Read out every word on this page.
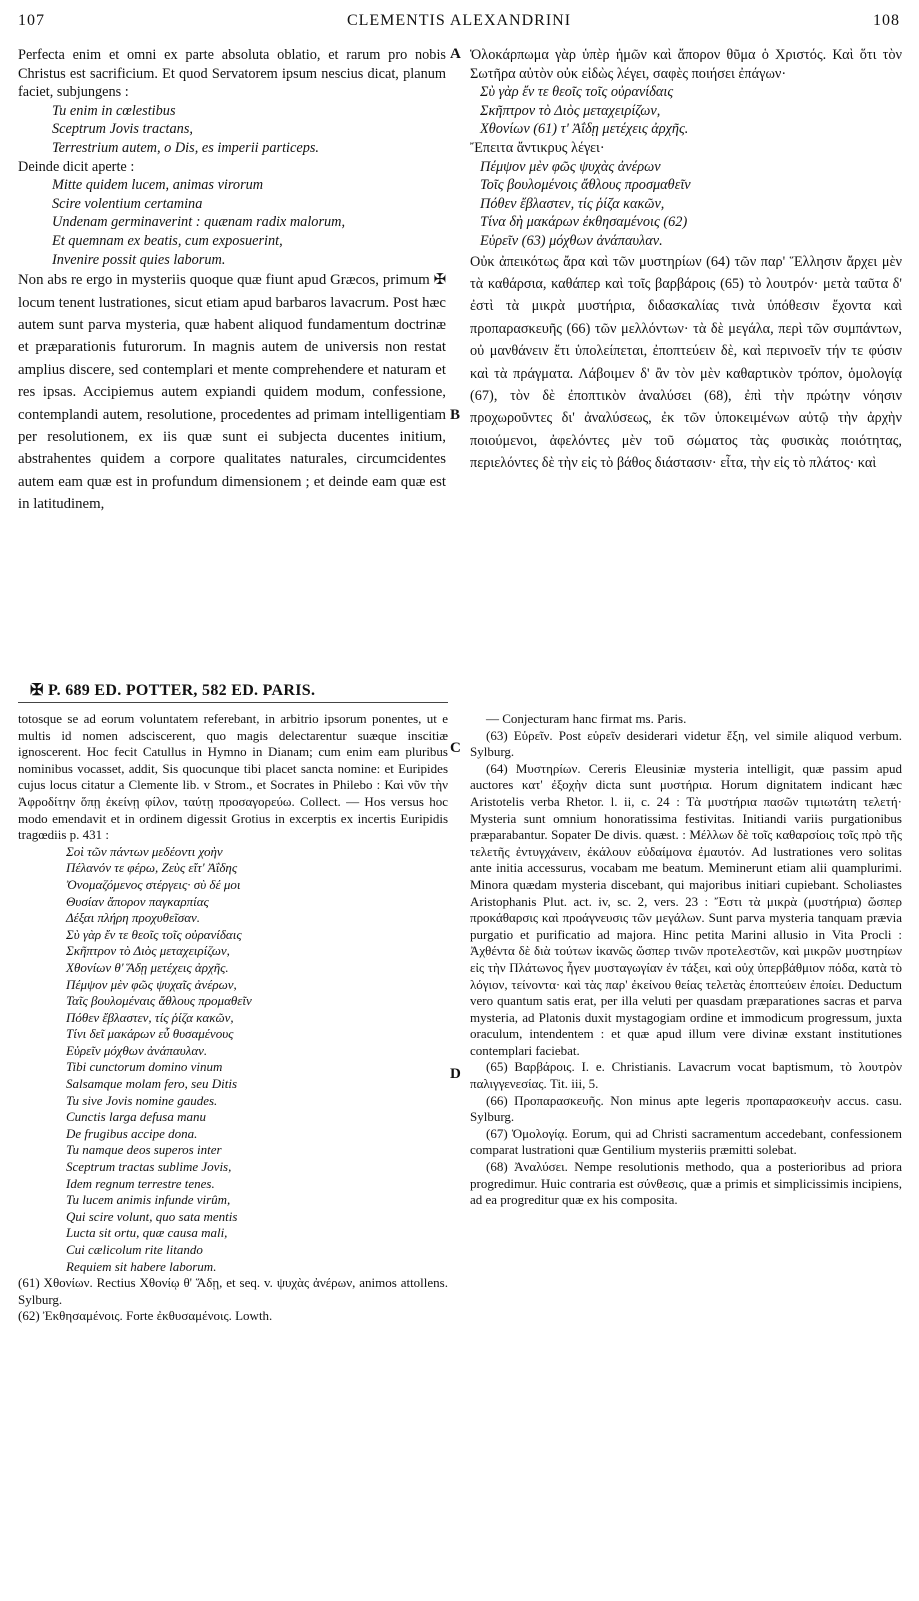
107	CLEMENTIS ALEXANDRINI	108

Perfecta enim et omni ex parte absoluta oblatio, et rarum pro nobis Christus est sacrificium. Et quod Servatorem ipsum nescius dicat, planum faciet, subjungens :

Tu enim in cœlestibus
Sceptrum Jovis tractans,
Terrestrium autem, o Dis, es imperii particeps.

Deinde dicit aperte :

Mitte quidem lucem, animas virorum
Scire volentium certamina
Undenam germinaverint : quænam radix malorum,
Et quemnam ex beatis, cum exposuerint,
Invenire possit quies laborum.

Non abs re ergo in mysteriis quoque quæ fiunt apud Græcos, primum ✠ locum tenent lustrationes, sicut etiam apud barbaros lavacrum. Post hæc autem sunt parva mysteria, quæ habent aliquod fundamentum doctrinæ et præparationis futurorum. In magnis autem de universis non restat amplius discere, sed contemplari et mente comprehendere et naturam et res ipsas. Accipiemus autem expiandi quidem modum, confessione, contemplandi autem, resolutione, procedentes ad primam intelligentiam per resolutionem, ex iis quæ sunt ei subjecta ducentes initium, abstrahentes quidem a corpore qualitates naturales, circumcidentes autem eam quæ est in profundum dimensionem ; et deinde eam quæ est in latitudinem,

Ὁλοκάρπωμα γὰρ ὑπὲρ ἡμῶν καὶ ἄπορον θῦμα ὁ Χριστός. Καὶ ὅτι τὸν Σωτῆρα αὐτὸν οὐκ εἰδὼς λέγει, σαφὲς ποιήσει ἐπάγων·

Σὺ γὰρ ἔν τε θεοῖς τοῖς οὐρανίδαις
Σκῆπτρον τὸ Διὸς μεταχειρίζων,
Χθονίων (61) τ' Ἀΐδῃ μετέχεις ἀρχῆς.

Ἔπειτα ἄντικρυς λέγει·

Πέμψον μὲν φῶς ψυχὰς ἀνέρων
Τοῖς βουλομένοις ἄθλους προσμαθεῖν
Πόθεν ἔβλαστεν, τίς ῥίζα κακῶν,
Τίνα δὴ μακάρων ἐκθησαμένοις (62)
Εὑρεῖν (63) μόχθων ἀνάπαυλαν.

Οὐκ ἀπεικότως ἄρα καὶ τῶν μυστηρίων (64) τῶν παρ' Ἕλλησιν ἄρχει μὲν τὰ καθάρσια, καθάπερ καὶ τοῖς βαρβάροις (65) τὸ λουτρόν· μετὰ ταῦτα δ' ἐστὶ τὰ μικρὰ μυστήρια, διδασκαλίας τινὰ ὑπόθεσιν ἔχοντα καὶ προπαρασκευῆς (66) τῶν μελλόντων· τὰ δὲ μεγάλα, περὶ τῶν συμπάντων, οὐ μανθάνειν ἔτι ὑπολείπεται, ἐποπτεύειν δὲ, καὶ περινοεῖν τήν τε φύσιν καὶ τὰ πράγματα. Λάβοιμεν δ' ἂν τὸν μὲν καθαρτικὸν τρόπον, ὁμολογίᾳ (67), τὸν δὲ ἐποπτικὸν ἀναλύσει (68), ἐπὶ τὴν πρώτην νόησιν προχωροῦντες δι' ἀναλύσεως, ἐκ τῶν ὑποκειμένων αὐτῷ τὴν ἀρχὴν ποιούμενοι, ἀφελόντες μὲν τοῦ σώματος τὰς φυσικὰς ποιότητας, περιελόντες δὲ τὴν εἰς τὸ βάθος διάστασιν· εἶτα, τὴν εἰς τὸ πλάτος· καὶ

A
B
C
D
✠ P. 689 ED. POTTER, 582 ED. PARIS.

totosque se ad eorum voluntatem referebant, in arbitrio ipsorum ponentes, ut e multis id nomen adsciscerent, quo magis delectarentur suæque inscitiæ ignoscerent. Hoc fecit Catullus in Hymno in Dianam; cum enim eam pluribus nominibus vocasset, addit, Sis quocunque tibi placet sancta nomine: et Euripides cujus locus citatur a Clemente lib. v Strom., et Socrates in Philebo : Καὶ νῦν τὴν Ἀφροδίτην ὅπῃ ἐκείνῃ φίλον, ταύτῃ προσαγορεύω. Collect. — Hos versus hoc modo emendavit et in ordinem digessit Grotius in excerptis ex incertis Euripidis tragœdiis p. 431 :

Σοὶ τῶν πάντων μεδέοντι χοὴν
Πέλανόν τε φέρω, Ζεὺς εἴτ' Ἀΐδης
Ὀνομαζόμενος στέργεις· σὺ δέ μοι
Θυσίαν ἄπορον παγκαρπίας
Δέξαι πλήρη προχυθεῖσαν.
Σὺ γὰρ ἔν τε θεοῖς τοῖς οὐρανίδαις
Σκῆπτρον τὸ Διὸς μεταχειρίζων,
Χθονίων θ' Ἅδῃ μετέχεις ἀρχῆς.
Πέμψον μὲν φῶς ψυχαῖς ἀνέρων,
Ταῖς βουλομέναις ἄθλους προμαθεῖν
Πόθεν ἔβλαστεν, τίς ῥίζα κακῶν,
Τίνι δεῖ μακάρων εὖ θυσαμένους
Εὑρεῖν μόχθων ἀνάπαυλαν.
Tibi cunctorum domino vinum
Salsamque molam fero, seu Ditis
Tu sive Jovis nomine gaudes.
Cunctis larga defusa manu
De frugibus accipe dona.
Tu namque deos superos inter
Sceptrum tractas sublime Jovis,
Idem regnum terrestre tenes.
Tu lucem animis infunde virûm,
Qui scire volunt, quo sata mentis
Lucta sit ortu, quæ causa mali,
Cui cælicolum rite litando
Requiem sit habere laborum.

(61) Χθονίων. Rectius Χθονίῳ θ' Ἅδῃ, et seq. v. ψυχὰς ἀνέρων, animos attollens. Sylburg.

(62) Ἐκθησαμένοις. Forte ἐκθυσαμένοις. Lowth.

— Conjecturam hanc firmat ms. Paris.

(63) Εὑρεῖν. Post εὑρεῖν desiderari videtur ἔξη, vel simile aliquod verbum. Sylburg.

(64) Μυστηρίων. Cereris Eleusiniæ mysteria intelligit, quæ passim apud auctores κατ' ἐξοχὴν dicta sunt μυστήρια. Horum dignitatem indicant hæc Aristotelis verba Rhetor. l. ii, c. 24 : Τὰ μυστήρια πασῶν τιμιωτάτη τελετή· Mysteria sunt omnium honoratissima festivitas. Initiandi variis purgationibus præparabantur. Sopater De divis. quæst. : Μέλλων δὲ τοῖς καθαρσίοις τοῖς πρὸ τῆς τελετῆς ἐντυγχάνειν, ἐκάλουν εὐδαίμονα ἐμαυτόν. Ad lustrationes vero solitas ante initia accessurus, vocabam me beatum. Meminerunt etiam alii quamplurimi. Minora quædam mysteria discebant, qui majoribus initiari cupiebant. Scholiastes Aristophanis Plut. act. iv, sc. 2, vers. 23 : Ἔστι τὰ μικρὰ (μυστήρια) ὥσπερ προκάθαρσις καὶ προάγνευσις τῶν μεγάλων. Sunt parva mysteria tanquam prævia purgatio et purificatio ad majora. Hinc petita Marini allusio in Vita Procli : Ἀχθέντα δὲ διὰ τούτων ἱκανῶς ὥσπερ τινῶν προτελεστῶν, καὶ μικρῶν μυστηρίων εἰς τὴν Πλάτωνος ἦγεν μυσταγωγίαν ἐν τάξει, καὶ οὐχ ὑπερβάθμιον πόδα, κατὰ τὸ λόγιον, τείνοντα· καὶ τὰς παρ' ἐκείνου θείας τελετὰς ἐποπτεύειν ἐποίει. Deductum vero quantum satis erat, per illa veluti per quasdam præparationes sacras et parva mysteria, ad Platonis duxit mystagogiam ordine et immodicum progressum, juxta oraculum, intendentem : et quæ apud illum vere divinæ exstant institutiones contemplari faciebat.

(65) Βαρβάροις. I. e. Christianis. Lavacrum vocat baptismum, τὸ λουτρὸν παλιγγενεσίας. Tit. iii, 5.

(66) Προπαρασκευῆς. Non minus apte legeris προπαρασκευὴν accus. casu. Sylburg.

(67) Ὁμολογίᾳ. Eorum, qui ad Christi sacramentum accedebant, confessionem comparat lustrationi quæ Gentilium mysteriis præmitti solebat.

(68) Ἀναλύσει. Nempe resolutionis methodo, qua a posterioribus ad priora progredimur. Huic contraria est σύνθεσις, quæ a primis et simplicissimis incipiens, ad ea progreditur quæ ex his composita.
